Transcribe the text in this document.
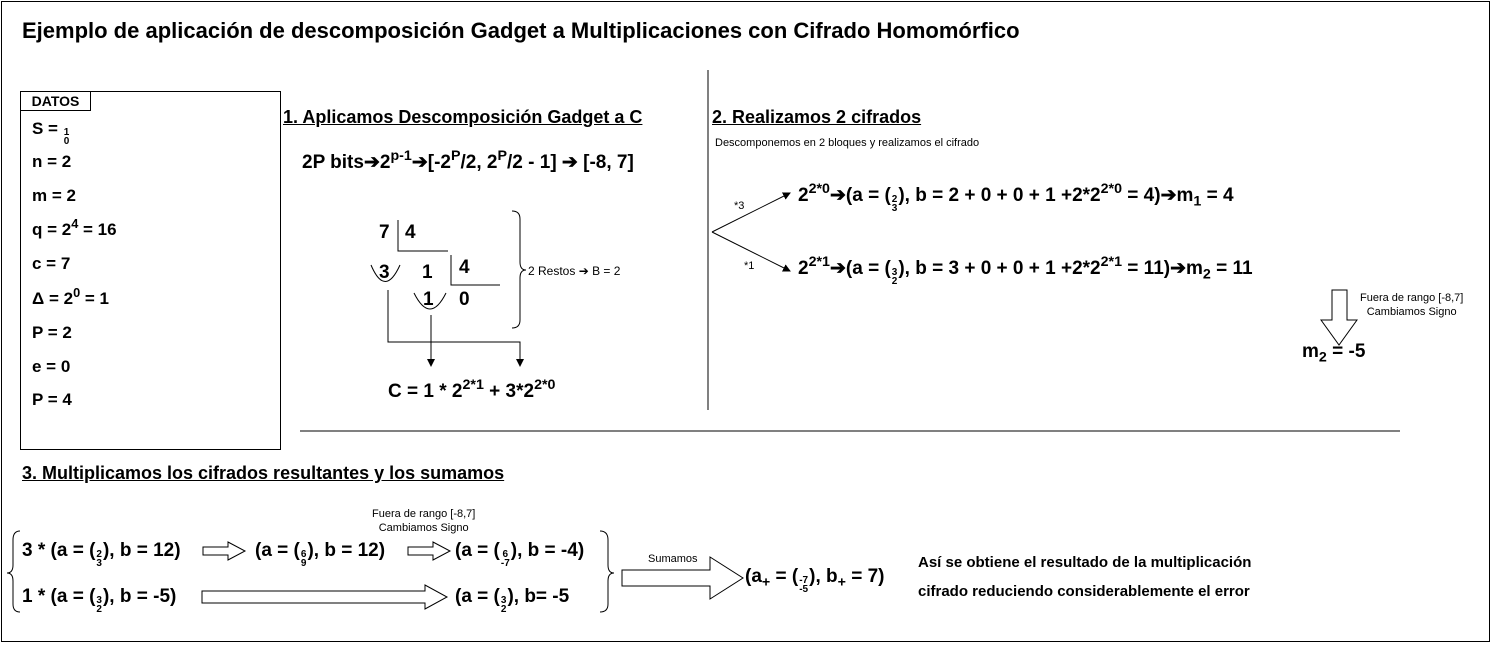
Ejemplo de aplicación de descomposición Gadget a Multiplicaciones con Cifrado Homomórfico
DATOS
S = 1
0
n = 2
m = 2
$q = 2^4 = 16$
c = 7
$\Delta = 2^0 = 1$
P = 2
e = 0
P = 4
1. Aplicamos Descomposición Gadget a C
2P $bits➔2^{p-1}➔[-2^P/2$, $2^P/2 - 1$] ➔ [-8, 7]
7 4
3 1 4
1 0
2 Restos ➔ B = 2
$C = 1 * 2^{2*1} + 3*2^{2*0}$
2. Realizamos 2 cifrados
Descomponemos en 2 bloques y realizamos el cifrado
*3
*1
$2^{2*0}➔(a$ = ( 2
3
), $b = 2 + 0 + 0 + 1 +2*2^{2*0}$ = $4)➔m_1 = 4$
$2^{2*1}➔(a$ = ( 3
2
), $b = 3 + 0 + 0 + 1 +2*2^{2*1}$ = $11)➔m_2 = 11$
Fuera de rango [-8,7]
Cambiamos Signo
$m_2 = -5$
3. Multiplicamos los cifrados resultantes y los sumamos
Fuera de rango [-8,7]
Cambiamos Signo
3 * (a = ( 2
3
), b = 12)	(a = ( 6
9
), b = 12)	(a = ( 6
-7
), b = -4)
1 * (a = ( 3
2
), b = -5)	(a = ( 3
2
), b= -5
Sumamos
($a_+$ = ( -7
-5
), $b_+ = 7$)
Así se obtiene el resultado de la multiplicación
cifrado reduciendo considerablemente el error
